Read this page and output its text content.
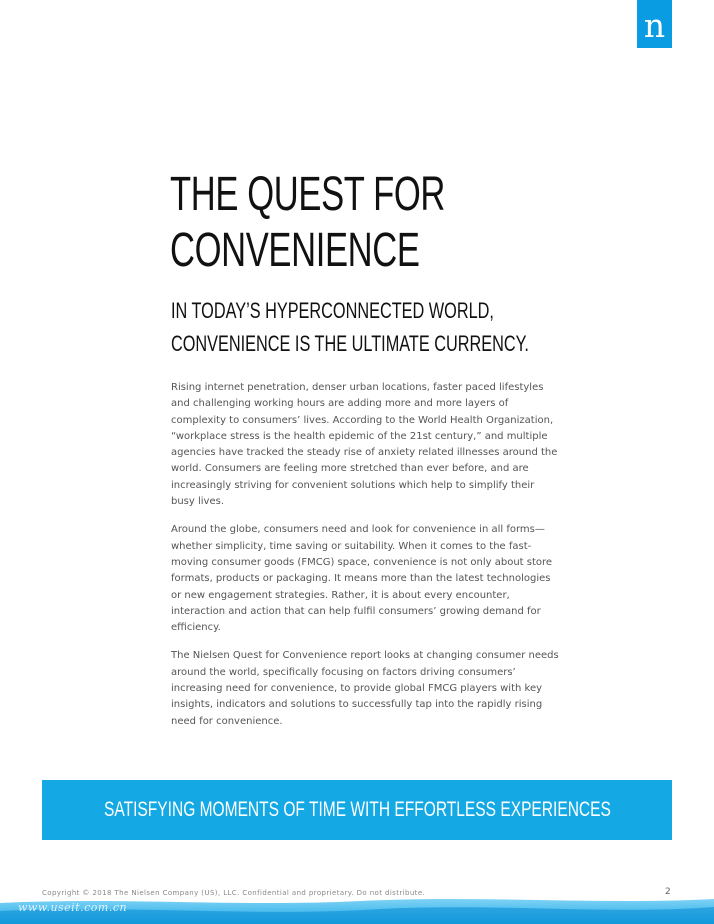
n
THE QUEST FOR
CONVENIENCE
IN TODAY’S HYPERCONNECTED WORLD,
CONVENIENCE IS THE ULTIMATE CURRENCY.

Rising internet penetration, denser urban locations, faster paced lifestyles and challenging working hours are adding more and more layers of complexity to consumers’ lives. According to the World Health Organization, “workplace stress is the health epidemic of the 21st century,” and multiple agencies have tracked the steady rise of anxiety related illnesses around the world. Consumers are feeling more stretched than ever before, and are increasingly striving for convenient solutions which help to simplify their busy lives.

Around the globe, consumers need and look for convenience in all forms—whether simplicity, time saving or suitability. When it comes to the fast-moving consumer goods (FMCG) space, convenience is not only about store formats, products or packaging. It means more than the latest technologies or new engagement strategies. Rather, it is about every encounter, interaction and action that can help fulfil consumers’ growing demand for efficiency.

The Nielsen Quest for Convenience report looks at changing consumer needs around the world, specifically focusing on factors driving consumers’ increasing need for convenience, to provide global FMCG players with key insights, indicators and solutions to successfully tap into the rapidly rising need for convenience.

SATISFYING MOMENTS OF TIME WITH EFFORTLESS EXPERIENCES
Copyright © 2018 The Nielsen Company (US), LLC. Confidential and proprietary. Do not distribute.	2
www.useit.com.cn
